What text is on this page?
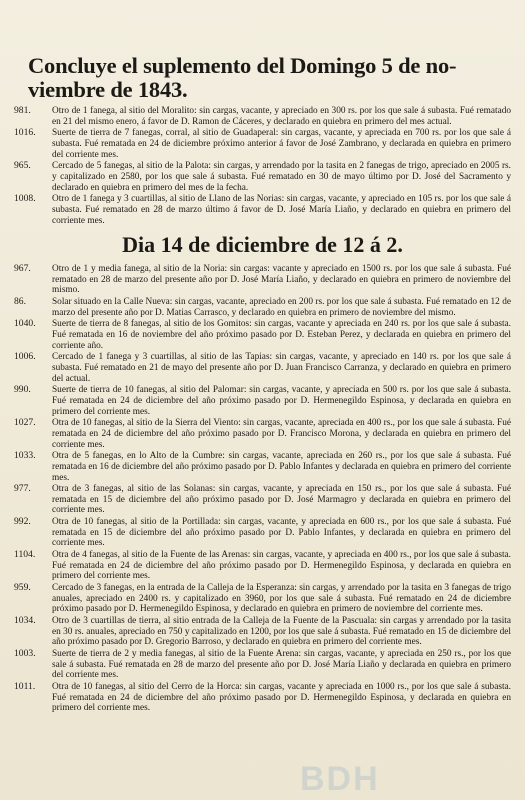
Concluye el suplemento del Domingo 5 de no-
viembre de 1843.
981.	Otro de 1 fanega, al sitio del Moralito: sin cargas, vacante, y apreciado en 300 rs. por los que sale á subasta. Fué rematado en 21 del mismo enero, á favor de D. Ramon de Cáceres, y declarado en quiebra en primero del mes actual.
1016.	Suerte de tierra de 7 fanegas, corral, al sitio de Guadaperal: sin cargas, vacante, y apreciada en 700 rs. por los que sale á subasta. Fué rematada en 24 de diciembre próximo anterior á favor de José Zambrano, y declarada en quiebra en primero del corriente mes.
965.	Cercado de 5 fanegas, al sitio de la Palota: sin cargas, y arrendado por la tasita en 2 fanegas de trigo, apreciado en 2005 rs. y capitalizado en 2580, por los que sale á subasta. Fué rematado en 30 de mayo último por D. José del Sacramento y declarado en quiebra en primero del mes de la fecha.
1008.	Otro de 1 fanega y 3 cuartillas, al sitio de Llano de las Norias: sin cargas, vacante, y apreciado en 105 rs. por los que sale á subasta. Fué rematado en 28 de marzo último á favor de D. José María Liaño, y declarado en quiebra en primero del corriente mes.
Dia 14 de diciembre de 12 á 2.
967.	Otro de 1 y media fanega, al sitio de la Noria: sin cargas: vacante y apreciado en 1500 rs. por los que sale á subasta. Fué rematado en 28 de marzo del presente año por D. José María Liaño, y declarado en quiebra en primero de noviembre del mismo.
86.	Solar situado en la Calle Nueva: sin cargas, vacante, apreciado en 200 rs. por los que sale á subasta. Fué rematado en 12 de marzo del presente año por D. Matias Carrasco, y declarado en quiebra en primero de noviembre del mismo.
1040.	Suerte de tierra de 8 fanegas, al sitio de los Gomitos: sin cargas, vacante y apreciada en 240 rs. por los que sale á subasta. Fué rematada en 16 de noviembre del año próximo pasado por D. Esteban Perez, y declarada en quiebra en primero del corriente año.
1006.	Cercado de 1 fanega y 3 cuartillas, al sitio de las Tapias: sin cargas, vacante, y apreciado en 140 rs. por los que sale á subasta. Fué rematado en 21 de mayo del presente año por D. Juan Francisco Carranza, y declarado en quiebra en primero del actual.
990.	Suerte de tierra de 10 fanegas, al sitio del Palomar: sin cargas, vacante, y apreciada en 500 rs. por los que sale á subasta. Fué rematada en 24 de diciembre del año próximo pasado por D. Hermenegildo Espinosa, y declarada en quiebra en primero del corriente mes.
1027.	Otra de 10 fanegas, al sitio de la Sierra del Viento: sin cargas, vacante, apreciada en 400 rs., por los que sale á subasta. Fué rematada en 24 de diciembre del año próximo pasado por D. Francisco Morona, y declarada en quiebra en primero del corriente mes.
1033.	Otra de 5 fanegas, en lo Alto de la Cumbre: sin cargas, vacante, apreciada en 260 rs., por los que sale á subasta. Fué rematada en 16 de diciembre del año próximo pasado por D. Pablo Infantes y declarada en quiebra en primero del corriente mes.
977.	Otra de 3 fanegas, al sitio de las Solanas: sin cargas, vacante, y apreciada en 150 rs., por los que sale á subasta. Fué rematada en 15 de diciembre del año próximo pasado por D. José Marmagro y declarada en quiebra en primero del corriente mes.
992.	Otra de 10 fanegas, al sitio de la Portillada: sin cargas, vacante, y apreciada en 600 rs., por los que sale á subasta. Fué rematada en 15 de diciembre del año próximo pasado por D. Pablo Infantes, y declarada en quiebra en primero del corriente mes.
1104.	Otra de 4 fanegas, al sitio de la Fuente de las Arenas: sin cargas, vacante, y apreciada en 400 rs., por los que sale á subasta. Fué rematada en 24 de diciembre del año próximo pasado por D. Hermenegildo Espinosa, y declarada en quiebra en primero del corriente mes.
959.	Cercado de 3 fanegas, en la entrada de la Calleja de la Esperanza: sin cargas, y arrendado por la tasita en 3 fanegas de trigo anuales, apreciado en 2400 rs. y capitalizado en 3960, por los que sale á subasta. Fué rematado en 24 de diciembre próximo pasado por D. Hermenegildo Espinosa, y declarado en quiebra en primero de noviembre del corriente mes.
1034.	Otro de 3 cuartillas de tierra, al sitio entrada de la Calleja de la Fuente de la Pascuala: sin cargas y arrendado por la tasita en 30 rs. anuales, apreciado en 750 y capitalizado en 1200, por los que sale á subasta. Fué rematado en 15 de diciembre del año próximo pasado por D. Gregorio Barroso, y declarado en quiebra en primero del corriente mes.
1003.	Suerte de tierra de 2 y media fanegas, al sitio de la Fuente Arena: sin cargas, vacante, y apreciada en 250 rs., por los que sale á subasta. Fué rematada en 28 de marzo del presente año por D. José María Liaño y declarada en quiebra en primero del corriente mes.
1011.	Otra de 10 fanegas, al sitio del Cerro de la Horca: sin cargas, vacante y apreciada en 1000 rs., por los que sale á subasta. Fué rematada en 24 de diciembre del año próximo pasado por D. Hermenegildo Espinosa, y declarada en quiebra en primero del corriente mes.
BDH
